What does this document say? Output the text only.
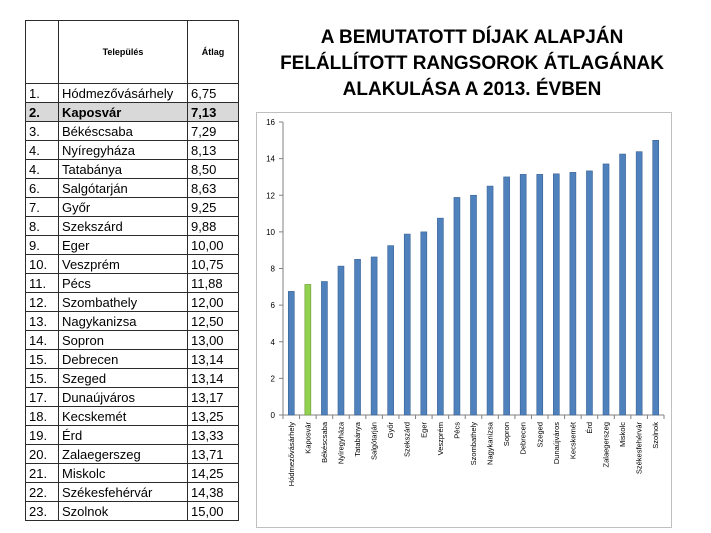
	Település	Átlag
1.	Hódmezővásárhely	6,75
2.	Kaposvár	7,13
3.	Békéscsaba	7,29
4.	Nyíregyháza	8,13
4.	Tatabánya	8,50
6.	Salgótarján	8,63
7.	Győr	9,25
8.	Szekszárd	9,88
9.	Eger	10,00
10.	Veszprém	10,75
11.	Pécs	11,88
12.	Szombathely	12,00
13.	Nagykanizsa	12,50
14.	Sopron	13,00
15.	Debrecen	13,14
15.	Szeged	13,14
17.	Dunaújváros	13,17
18.	Kecskemét	13,25
19.	Érd	13,33
20.	Zalaegerszeg	13,71
21.	Miskolc	14,25
22.	Székesfehérvár	14,38
23.	Szolnok	15,00
A BEMUTATOTT DÍJAK ALAPJÁN
FELÁLLÍTOTT RANGSOROK ÁTLAGÁNAK
ALAKULÁSA A 2013. ÉVBEN
0
2
4
6
8
10
12
14
16
Hódmezővásárhely Kaposvár Békéscsaba Nyíregyháza Tatabánya Salgótarján Győr Szekszárd Eger Veszprém Pécs Szombathely Nagykanizsa Sopron Debrecen Szeged Dunaújváros Kecskemét Érd Zalaegerszeg Miskolc Székesfehérvár Szolnok
